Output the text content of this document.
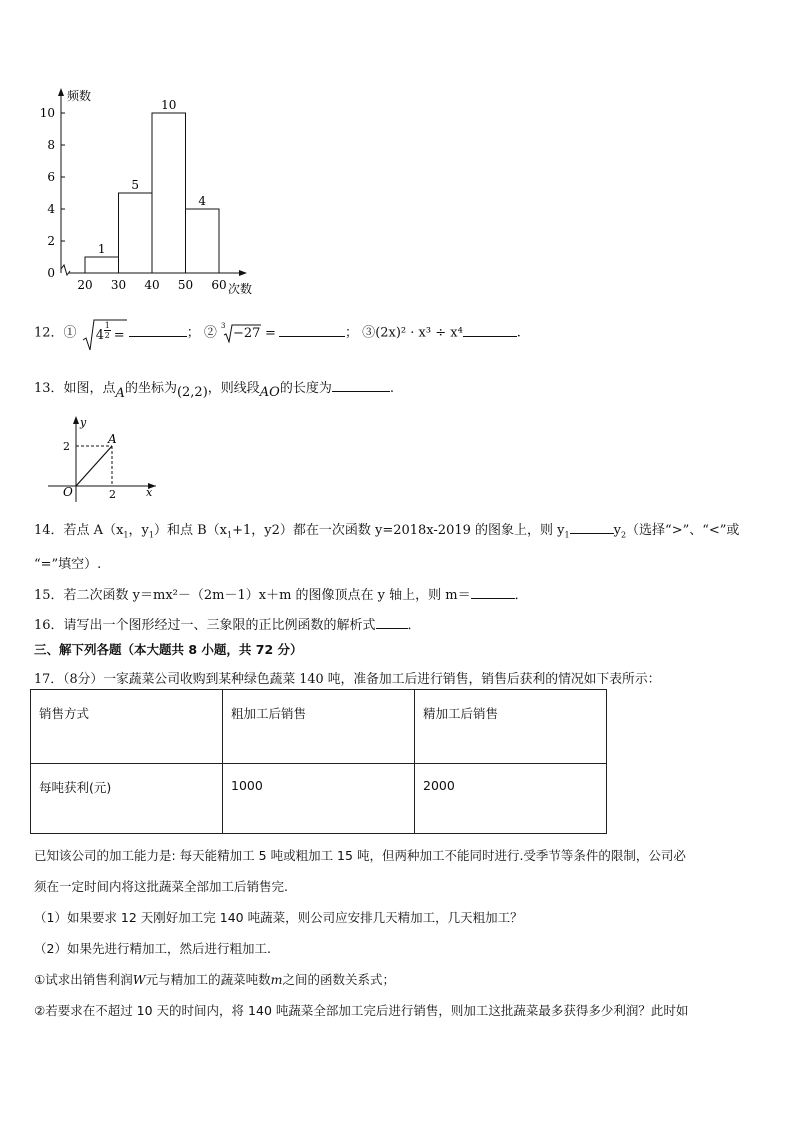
0
2
4
6
8
10
20 30 40 50 60
1
5
10
4
频数
次数
12．① 4
1
2 =	； ② 3 −27 =	； ③(2x)² · x³ ÷ x⁴	.
13．如图，点A的坐标为(2,2)，则线段AO的长度为	.
y
x
O
A
2
2
14．若点 $A(x_1$，$y_1$）和点 $B(x_1+1$，y2）都在一次函数 y=2018x-2019 的图象上，则 $y_1$	$y_2$（选择“>”、“<”或
“=”填空）.
15．若二次函数 y＝mx²－（2m－1）x＋m 的图像顶点在 y 轴上，则 m＝	．
16．请写出一个图形经过一、三象限的正比例函数的解析式 ．
三、解下列各题（本大题共 8 小题，共 72 分）
17．（8分）一家蔬菜公司收购到某种绿色蔬菜 140 吨，准备加工后进行销售，销售后获利的情况如下表所示：
销售方式	粗加工后销售	精加工后销售
每吨获利(元)	1000	2000
已知该公司的加工能力是: 每天能精加工 5 吨或粗加工 15 吨，但两种加工不能同时进行.受季节等条件的限制，公司必
须在一定时间内将这批蔬菜全部加工后销售完.
（1）如果要求 12 天刚好加工完 140 吨蔬菜，则公司应安排几天精加工，几天粗加工？
（2）如果先进行精加工，然后进行粗加工.
①试求出销售利润W元与精加工的蔬菜吨数m之间的函数关系式；
②若要求在不超过 10 天的时间内，将 140 吨蔬菜全部加工完后进行销售，则加工这批蔬菜最多获得多少利润？此时如
